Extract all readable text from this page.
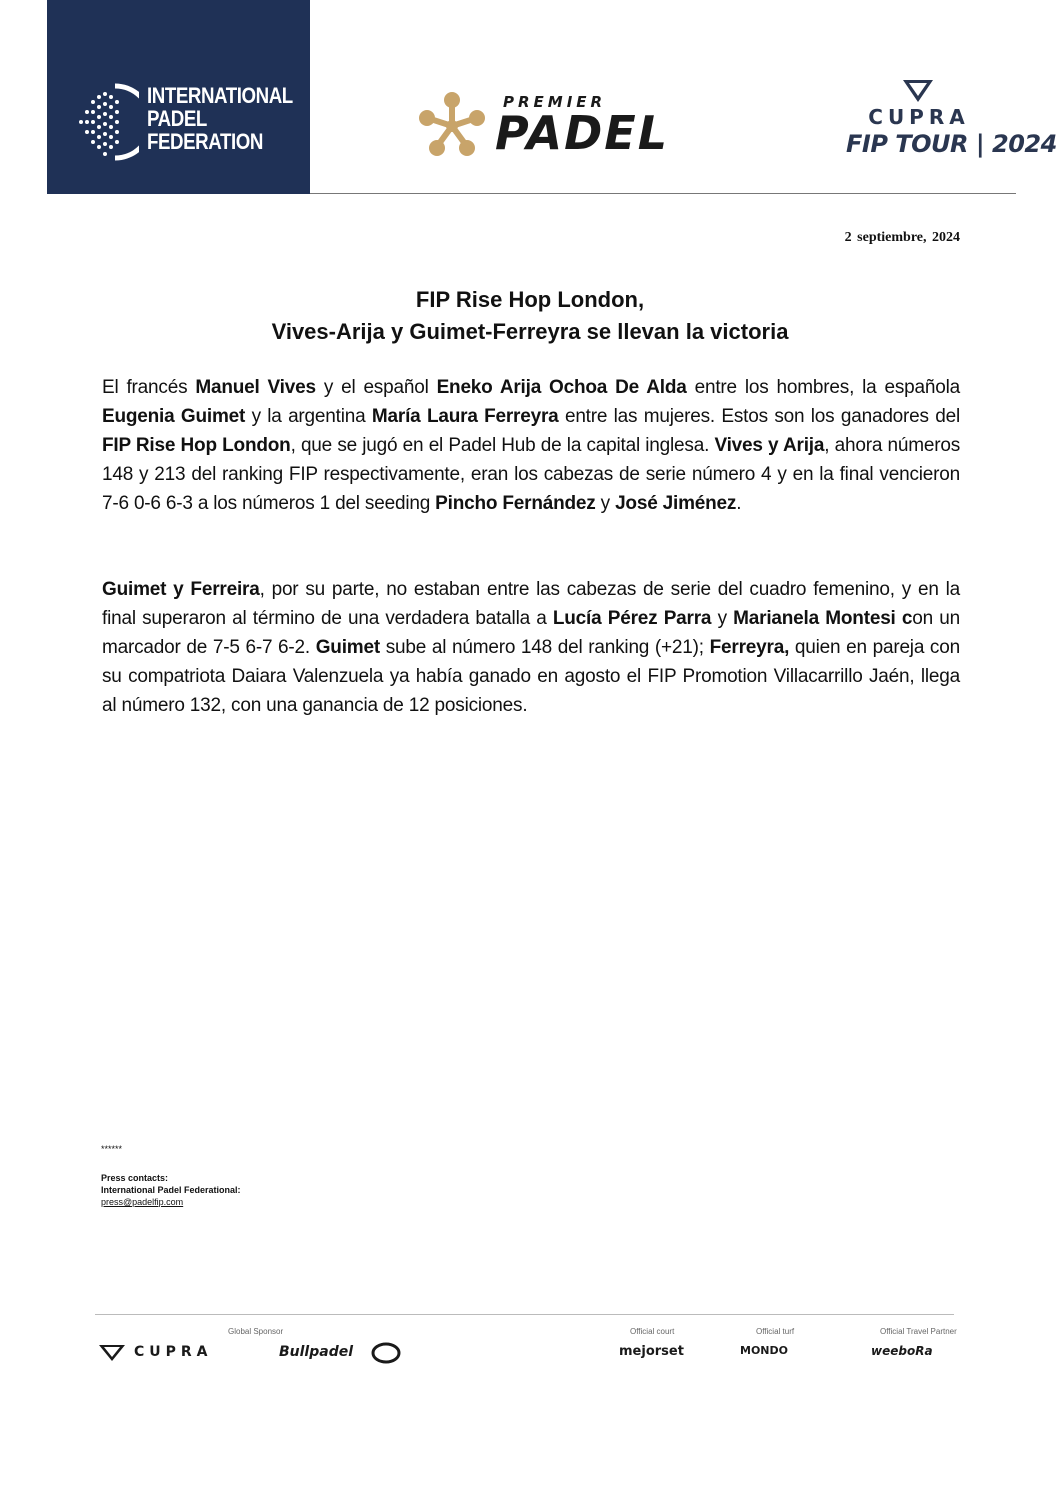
INTERNATIONAL
PADEL
FEDERATION
PREMIER
PADEL	CUPRA
FIP TOUR | 2024
2 septiembre, 2024
FIP Rise Hop London,
Vives-Arija y Guimet-Ferreyra se llevan la victoria
El francés Manuel Vives y el español Eneko Arija Ochoa De Alda entre los hombres, la española Eugenia Guimet y la argentina María Laura Ferreyra entre las mujeres. Estos son los ganadores del FIP Rise Hop London, que se jugó en el Padel Hub de la capital inglesa. Vives y Arija, ahora números 148 y 213 del ranking FIP respectivamente, eran los cabezas de serie número 4 y en la final vencieron 7-6 0-6 6-3 a los números 1 del seeding Pincho Fernández y José Jiménez.
Guimet y Ferreira, por su parte, no estaban entre las cabezas de serie del cuadro femenino, y en la final superaron al término de una verdadera batalla a Lucía Pérez Parra y Marianela Montesi con un marcador de 7-5 6-7 6-2. Guimet sube al número 148 del ranking (+21); Ferreyra, quien en pareja con su compatriota Daiara Valenzuela ya había ganado en agosto el FIP Promotion Villacarrillo Jaén, llega al número 132, con una ganancia de 12 posiciones.
******
Press contacts:
International Padel Federational:
press@padelfip.com
Global Sponsor
CUPRA	Bullpadel
Official court
mejorset
Official turf
MONDO
Official Travel Partner
weeboRa
